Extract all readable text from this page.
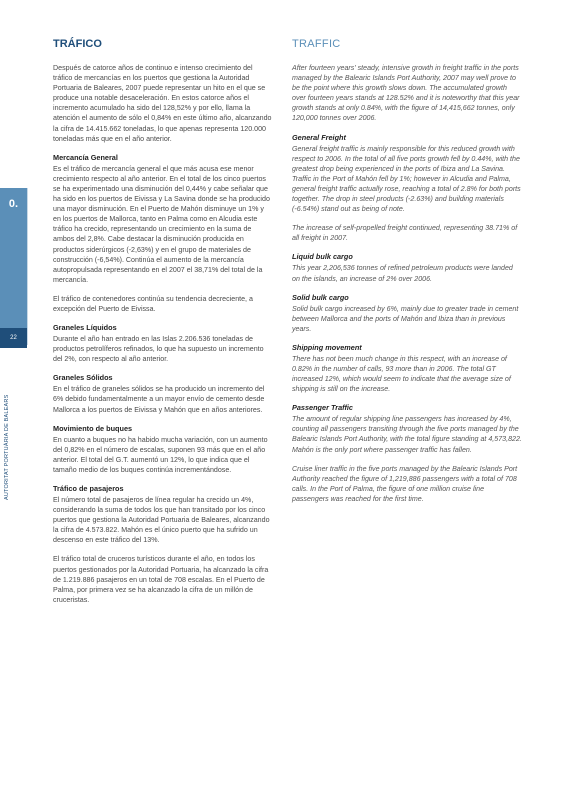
0.
22
AUTORITAT PORTUÀRIA DE BALEARS
TRÁFICO

Después de catorce años de continuo e intenso crecimiento del tráfico de mercancías en los puertos que gestiona la Autoridad Portuaria de Baleares, 2007 puede representar un hito en el que se produce una notable desaceleración. En estos catorce años el incremento acumulado ha sido del 128,52% y por ello, llama la atención el aumento de sólo el 0,84% en este último año, alcanzando la cifra de 14.415.662 toneladas, lo que apenas representa 120.000 toneladas más que en el año anterior.

Mercancía General

Es el tráfico de mercancía general el que más acusa ese menor crecimiento respecto al año anterior. En el total de los cinco puertos se ha experimentado una disminución del 0,44% y cabe señalar que ha sido en los puertos de Eivissa y La Savina donde se ha producido una mayor disminución. En el Puerto de Mahón disminuye un 1% y en los puertos de Mallorca, tanto en Palma como en Alcudia este tráfico ha crecido, representando un crecimiento en la suma de ambos del 2,8%. Cabe destacar la disminución producida en productos siderúrgicos (-2,63%) y en el grupo de materiales de construcción (-6,54%). Continúa el aumento de la mercancía autopropulsada representando en el 2007 el 38,71% del total de la mercancía.

El tráfico de contenedores continúa su tendencia decreciente, a excepción del Puerto de Eivissa.

Graneles Líquidos

Durante el año han entrado en las Islas 2.206.536 toneladas de productos petrolíferos refinados, lo que ha supuesto un incremento del 2%, con respecto al año anterior.

Graneles Sólidos

En el tráfico de graneles sólidos se ha producido un incremento del 6% debido fundamentalmente a un mayor envío de cemento desde Mallorca a los puertos de Eivissa y Mahón que en años anteriores.

Movimiento de buques

En cuanto a buques no ha habido mucha variación, con un aumento del 0,82% en el número de escalas, suponen 93 más que en el año anterior. El total del G.T. aumentó un 12%, lo que indica que el tamaño medio de los buques continúa incrementándose.

Tráfico de pasajeros

El número total de pasajeros de línea regular ha crecido un 4%, considerando la suma de todos los que han transitado por los cinco puertos que gestiona la Autoridad Portuaria de Baleares, alcanzando la cifra de 4.573.822. Mahón es el único puerto que ha sufrido un descenso en este tráfico del 13%.

El tráfico total de cruceros turísticos durante el año, en todos los puertos gestionados por la Autoridad Portuaria, ha alcanzado la cifra de 1.219.886 pasajeros en un total de 708 escalas. En el Puerto de Palma, por primera vez se ha alcanzado la cifra de un millón de cruceristas.

TRAFFIC

After fourteen years' steady, intensive growth in freight traffic in the ports managed by the Balearic Islands Port Authority, 2007 may well prove to be the point where this growth slows down. The accumulated growth over fourteen years stands at 128.52% and it is noteworthy that this year growth stands at only 0.84%, with the figure of 14,415,662 tonnes, only 120,000 tonnes over 2006.

General Freight

General freight traffic is mainly responsible for this reduced growth with respect to 2006. In the total of all five ports growth fell by 0.44%, with the greatest drop being experienced in the ports of Ibiza and La Savina. Traffic in the Port of Mahón fell by 1%; however in Alcudia and Palma, general freight traffic actually rose, reaching a total of 2.8% for both ports together. The drop in steel products (-2.63%) and building materials (-6.54%) stand out as being of note.

The increase of self-propelled freight continued, representing 38.71% of all freight in 2007.

Liquid bulk cargo

This year 2,206,536 tonnes of refined petroleum products were landed on the islands, an increase of 2% over 2006.

Solid bulk cargo

Solid bulk cargo increased by 6%, mainly due to greater trade in cement between Mallorca and the ports of Mahón and Ibiza than in previous years.

Shipping movement

There has not been much change in this respect, with an increase of 0.82% in the number of calls, 93 more than in 2006. The total GT increased 12%, which would seem to indicate that the average size of shipping is still on the increase.

Passenger Traffic

The amount of regular shipping line passengers has increased by 4%, counting all passengers transiting through the five ports managed by the Balearic Islands Port Authority, with the total figure standing at 4,573,822. Mahón is the only port where passenger traffic has fallen.

Cruise liner traffic in the five ports managed by the Balearic Islands Port Authority reached the figure of 1,219,886 passengers with a total of 708 calls. In the Port of Palma, the figure of one million cruise line passengers was reached for the first time.
